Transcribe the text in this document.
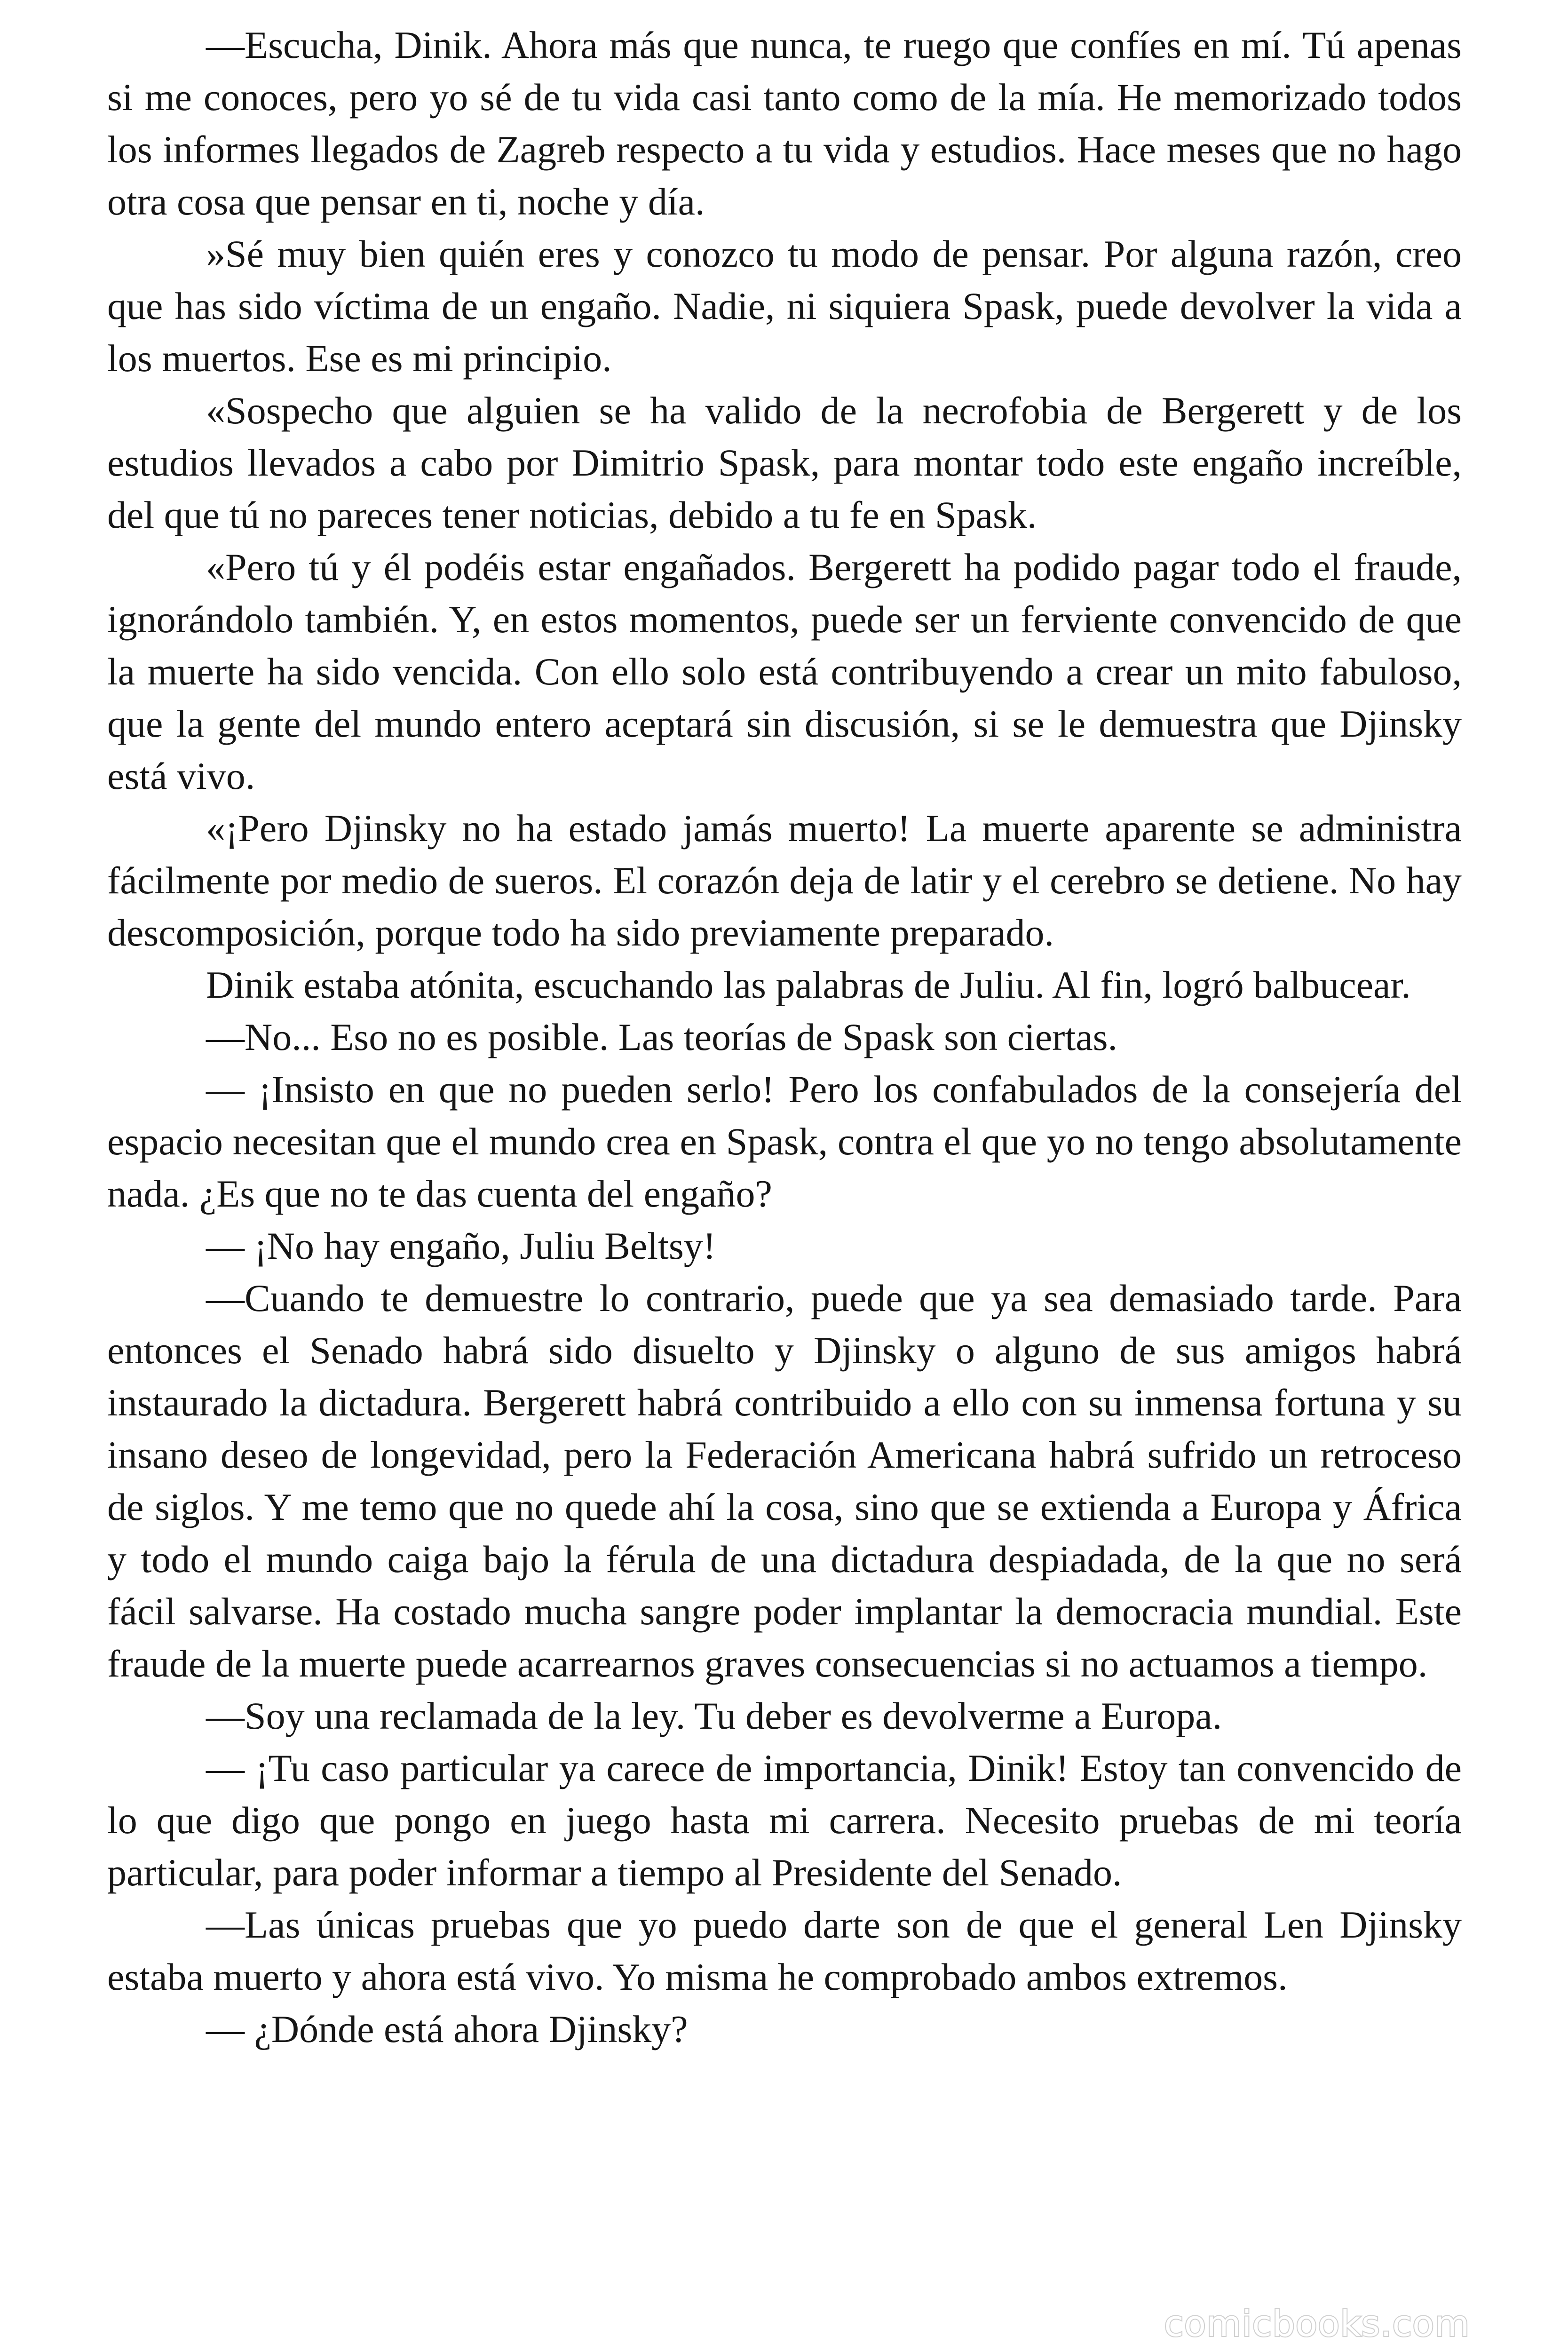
—Escucha, Dinik. Ahora más que nunca, te ruego que confíes en mí. Tú apenas si me conoces, pero yo sé de tu vida casi tanto como de la mía. He memorizado todos los informes llegados de Zagreb respecto a tu vida y estudios. Hace meses que no hago otra cosa que pensar en ti, noche y día.

»Sé muy bien quién eres y conozco tu modo de pensar. Por alguna razón, creo que has sido víctima de un engaño. Nadie, ni siquiera Spask, puede devolver la vida a los muertos. Ese es mi principio.

«Sospecho que alguien se ha valido de la necrofobia de Bergerett y de los estudios llevados a cabo por Dimitrio Spask, para montar todo este engaño increíble, del que tú no pareces tener noticias, debido a tu fe en Spask.

«Pero tú y él podéis estar engañados. Bergerett ha podido pagar todo el fraude, ignorándolo también. Y, en estos momentos, puede ser un ferviente convencido de que la muerte ha sido vencida. Con ello solo está contribuyendo a crear un mito fabuloso, que la gente del mundo entero aceptará sin discusión, si se le demuestra que Djinsky está vivo.

«¡Pero Djinsky no ha estado jamás muerto! La muerte aparente se administra fácilmente por medio de sueros. El corazón deja de latir y el cerebro se detiene. No hay descomposición, porque todo ha sido previamente preparado.

Dinik estaba atónita, escuchando las palabras de Juliu. Al fin, logró balbucear.

—No... Eso no es posible. Las teorías de Spask son ciertas.

— ¡Insisto en que no pueden serlo! Pero los confabulados de la consejería del espacio necesitan que el mundo crea en Spask, contra el que yo no tengo absolutamente nada. ¿Es que no te das cuenta del engaño?

— ¡No hay engaño, Juliu Beltsy!

—Cuando te demuestre lo contrario, puede que ya sea demasiado tarde. Para entonces el Senado habrá sido disuelto y Djinsky o alguno de sus amigos habrá instaurado la dictadura. Bergerett habrá contribuido a ello con su inmensa fortuna y su insano deseo de longevidad, pero la Federación Americana habrá sufrido un retroceso de siglos. Y me temo que no quede ahí la cosa, sino que se extienda a Europa y África y todo el mundo caiga bajo la férula de una dictadura despiadada, de la que no será fácil salvarse. Ha costado mucha sangre poder implantar la democracia mundial. Este fraude de la muerte puede acarrearnos graves consecuencias si no actuamos a tiempo.

—Soy una reclamada de la ley. Tu deber es devolverme a Europa.

— ¡Tu caso particular ya carece de importancia, Dinik! Estoy tan convencido de lo que digo que pongo en juego hasta mi carrera. Necesito pruebas de mi teoría particular, para poder informar a tiempo al Presidente del Senado.

—Las únicas pruebas que yo puedo darte son de que el general Len Djinsky estaba muerto y ahora está vivo. Yo misma he comprobado ambos extremos.

— ¿Dónde está ahora Djinsky?

comicbooks.com
